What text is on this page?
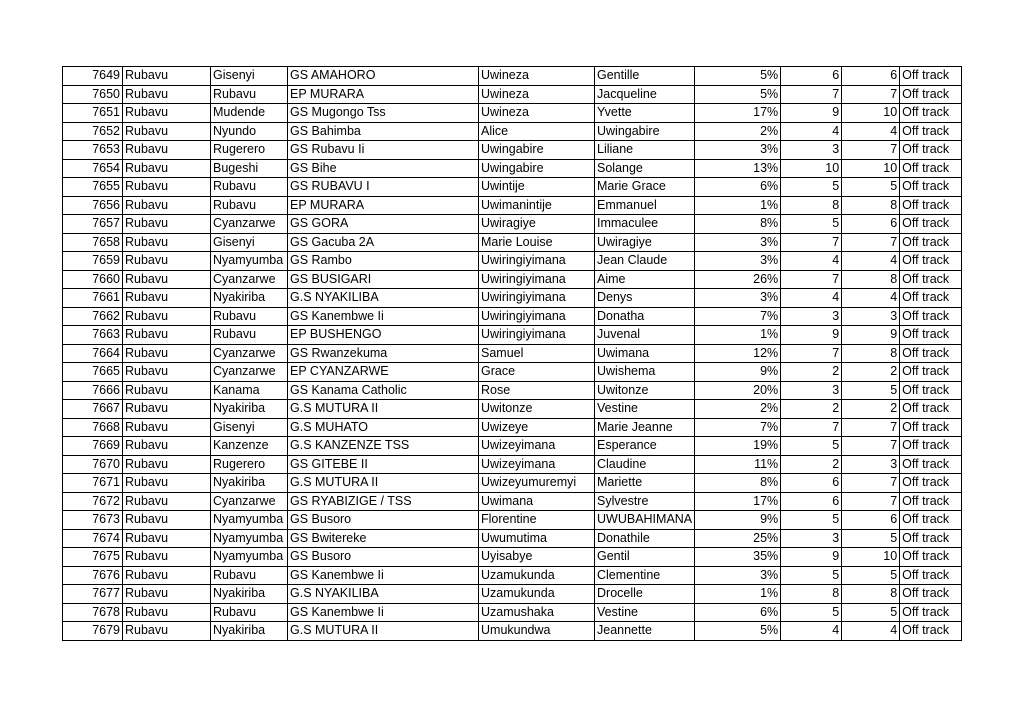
7649	Rubavu	Gisenyi	GS AMAHORO	Uwineza	Gentille	5%	6	6	Off track
7650	Rubavu	Rubavu	EP MURARA	Uwineza	Jacqueline	5%	7	7	Off track
7651	Rubavu	Mudende	GS Mugongo Tss	Uwineza	Yvette	17%	9	10	Off track
7652	Rubavu	Nyundo	GS Bahimba	Alice	Uwingabire	2%	4	4	Off track
7653	Rubavu	Rugerero	GS Rubavu Ii	Uwingabire	Liliane	3%	3	7	Off track
7654	Rubavu	Bugeshi	GS Bihe	Uwingabire	Solange	13%	10	10	Off track
7655	Rubavu	Rubavu	GS RUBAVU I	Uwintije	Marie Grace	6%	5	5	Off track
7656	Rubavu	Rubavu	EP MURARA	Uwimanintije	Emmanuel	1%	8	8	Off track
7657	Rubavu	Cyanzarwe	GS GORA	Uwiragiye	Immaculee	8%	5	6	Off track
7658	Rubavu	Gisenyi	GS Gacuba 2A	Marie Louise	Uwiragiye	3%	7	7	Off track
7659	Rubavu	Nyamyumba	GS Rambo	Uwiringiyimana	Jean Claude	3%	4	4	Off track
7660	Rubavu	Cyanzarwe	GS BUSIGARI	Uwiringiyimana	Aime	26%	7	8	Off track
7661	Rubavu	Nyakiriba	G.S NYAKILIBA	Uwiringiyimana	Denys	3%	4	4	Off track
7662	Rubavu	Rubavu	GS Kanembwe Ii	Uwiringiyimana	Donatha	7%	3	3	Off track
7663	Rubavu	Rubavu	EP BUSHENGO	Uwiringiyimana	Juvenal	1%	9	9	Off track
7664	Rubavu	Cyanzarwe	GS Rwanzekuma	Samuel	Uwimana	12%	7	8	Off track
7665	Rubavu	Cyanzarwe	EP CYANZARWE	Grace	Uwishema	9%	2	2	Off track
7666	Rubavu	Kanama	GS Kanama Catholic	Rose	Uwitonze	20%	3	5	Off track
7667	Rubavu	Nyakiriba	G.S MUTURA II	Uwitonze	Vestine	2%	2	2	Off track
7668	Rubavu	Gisenyi	G.S MUHATO	Uwizeye	Marie Jeanne	7%	7	7	Off track
7669	Rubavu	Kanzenze	G.S KANZENZE TSS	Uwizeyimana	Esperance	19%	5	7	Off track
7670	Rubavu	Rugerero	GS GITEBE II	Uwizeyimana	Claudine	11%	2	3	Off track
7671	Rubavu	Nyakiriba	G.S MUTURA II	Uwizeyumuremyi	Mariette	8%	6	7	Off track
7672	Rubavu	Cyanzarwe	GS RYABIZIGE / TSS	Uwimana	Sylvestre	17%	6	7	Off track
7673	Rubavu	Nyamyumba	GS Busoro	Florentine	UWUBAHIMANA	9%	5	6	Off track
7674	Rubavu	Nyamyumba	GS Bwitereke	Uwumutima	Donathile	25%	3	5	Off track
7675	Rubavu	Nyamyumba	GS Busoro	Uyisabye	Gentil	35%	9	10	Off track
7676	Rubavu	Rubavu	GS Kanembwe Ii	Uzamukunda	Clementine	3%	5	5	Off track
7677	Rubavu	Nyakiriba	G.S NYAKILIBA	Uzamukunda	Drocelle	1%	8	8	Off track
7678	Rubavu	Rubavu	GS Kanembwe Ii	Uzamushaka	Vestine	6%	5	5	Off track
7679	Rubavu	Nyakiriba	G.S MUTURA II	Umukundwa	Jeannette	5%	4	4	Off track
